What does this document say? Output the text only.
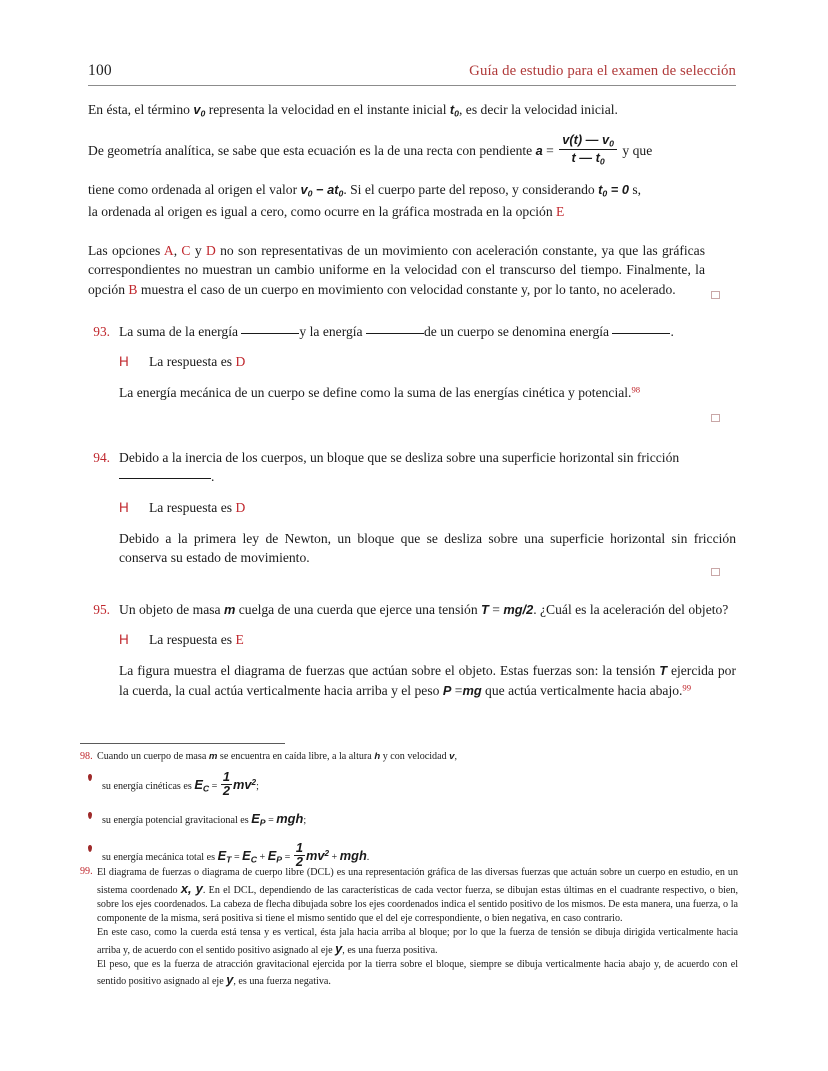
100	Guía de estudio para el examen de selección

En ésta, el término $v_0$ representa la velocidad en el instante inicial $t_0$, es decir la velocidad inicial.

De geometría analítica, se sabe que esta ecuación es la de una recta con pendiente $a = \frac{v(t) — v_0}{t — t_0}$ y que

tiene como ordenada al origen el valor $v_0 - at_0$. Si el cuerpo parte del reposo, y considerando $t_0 = 0$ s,

la ordenada al origen es igual a cero, como ocurre en la gráfica mostrada en la opción E

Las opciones A, C y D no son representativas de un movimiento con aceleración constante, ya que las gráficas correspondientes no muestran un cambio uniforme en la velocidad con el transcurso del tiempo. Finalmente, la opción B muestra el caso de un cuerpo en movimiento con velocidad constante y, por lo tanto, no acelerado.

93. La suma de la energía	y la energía	de un cuerpo se denomina energía	.
H	La respuesta es D
La energía mecánica de un cuerpo se define como la suma de las energías cinética y potencial.$^{98}$
94. Debido a la inercia de los cuerpos, un bloque que se desliza sobre una superficie horizontal sin fricción
.
H	La respuesta es D
Debido a la primera ley de Newton, un bloque que se desliza sobre una superficie horizontal sin fricción conserva su estado de movimiento.
95. Un objeto de masa m cuelga de una cuerda que ejerce una tensión T = mg/2. ¿Cuál es la aceleración del objeto?
H	La respuesta es E
La figura muestra el diagrama de fuerzas que actúan sobre el objeto. Estas fuerzas son: la tensión T ejercida por la cuerda, la cual actúa verticalmente hacia arriba y el peso P =mg que actúa verticalmente hacia abajo.$^{99}$
98. Cuando un cuerpo de masa m se encuentra en caída libre, a la altura h y con velocidad v,
su energía cinéticas es $E_C = \frac{1}{2} mv^2$;
su energía potencial gravitacional es $E_P$ = mgh;
su energía mecánica total es $E_T = E_C + E_P = \frac{1}{2} mv^2$ + mgh.
99. El diagrama de fuerzas o diagrama de cuerpo libre (DCL) es una representación gráfica de las diversas fuerzas que actuán sobre un cuerpo en estudio, en un sistema coordenado x, y. En el DCL, dependiendo de las características de cada vector fuerza, se dibujan estas últimas en el cuadrante respectivo, o bien, sobre los ejes coordenados. La cabeza de flecha dibujada sobre los ejes coordenados indica el sentido positivo de los mismos. De esta manera, una fuerza, o la componente de la misma, será positiva si tiene el mismo sentido que el del eje correspondiente, o bien negativa, en caso contrario.

En este caso, como la cuerda está tensa y es vertical, ésta jala hacia arriba al bloque; por lo que la fuerza de tensión se dibuja dirigida verticalmente hacia arriba y, de acuerdo con el sentido positivo asignado al eje y, es una fuerza positiva.

El peso, que es la fuerza de atracción gravitacional ejercida por la tierra sobre el bloque, siempre se dibuja verticalmente hacia abajo y, de acuerdo con el sentido positivo asignado al eje y, es una fuerza negativa.
